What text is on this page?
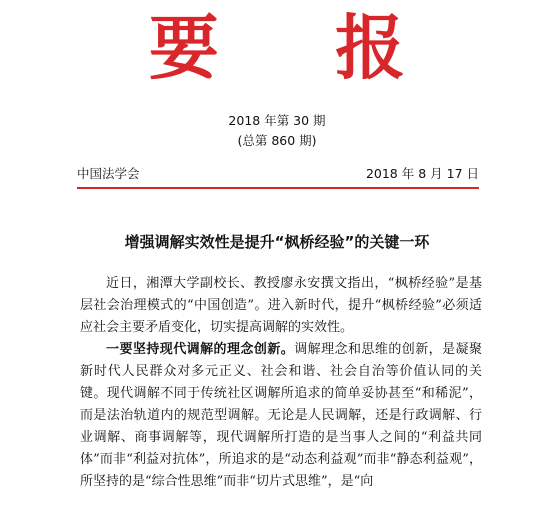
要 报
2018 年第 30 期
(总第 860 期)
中国法学会	2018 年 8 月 17 日
增强调解实效性是提升“枫桥经验”的关键一环

近日，湘潭大学副校长、教授廖永安撰文指出，“枫桥经验”是基层社会治理模式的“中国创造”。进入新时代，提升“枫桥经验”必须适应社会主要矛盾变化，切实提高调解的实效性。

一要坚持现代调解的理念创新。调解理念和思维的创新，是凝聚新时代人民群众对多元正义、社会和谐、社会自治等价值认同的关键。现代调解不同于传统社区调解所追求的简单妥协甚至“和稀泥”，而是法治轨道内的规范型调解。无论是人民调解，还是行政调解、行业调解、商事调解等，现代调解所打造的是当事人之间的“利益共同体”而非“利益对抗体”，所追求的是“动态利益观”而非“静态利益观”，所坚持的是“综合性思维”而非“切片式思维”，是“向
